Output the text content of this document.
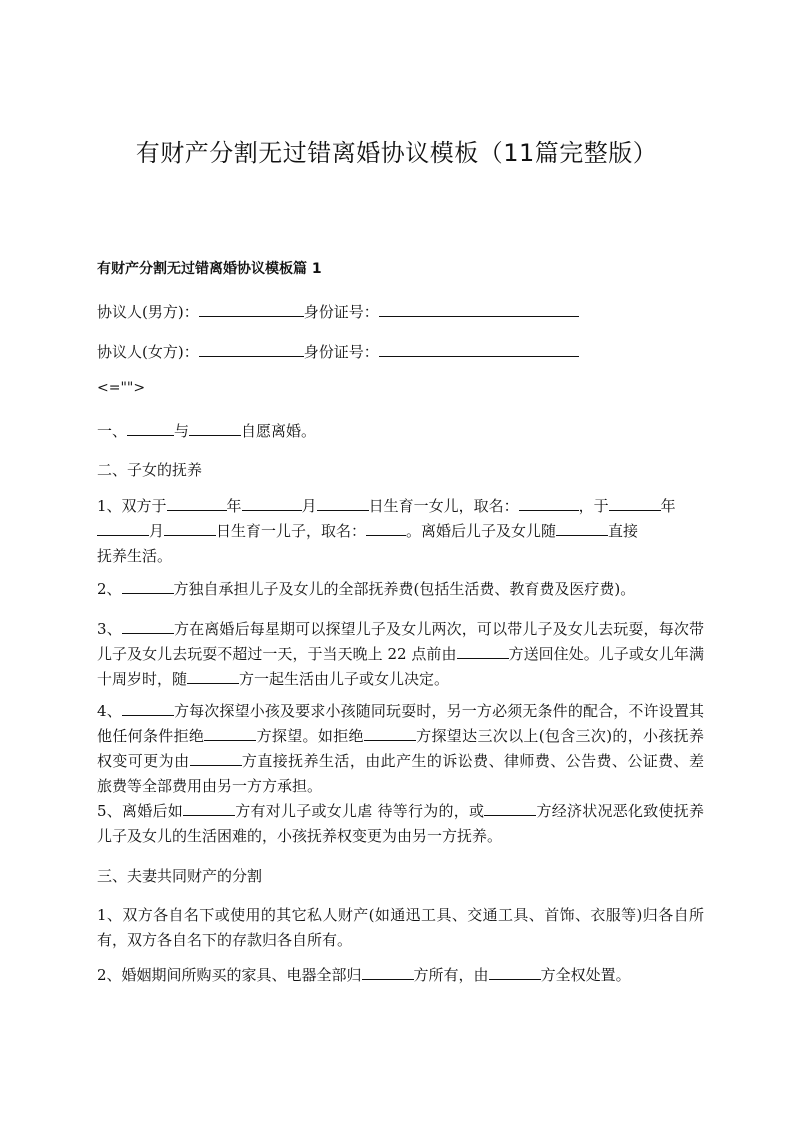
有财产分割无过错离婚协议模板（11篇完整版）
有财产分割无过错离婚协议模板篇 1

协议人(男方)：	身份证号：

协议人(女方)：	身份证号：

<="">

一、	与	自愿离婚。

二、子女的抚养

1、双方于	年	月	日生育一女儿，取名：	，于	年
月	日生育一儿子，取名：	。离婚后儿子及女儿随	直接
抚养生活。

2、	方独自承担儿子及女儿的全部抚养费(包括生活费、教育费及医疗费)。

3、	方在离婚后每星期可以探望儿子及女儿两次，可以带儿子及女儿去玩耍，每次带儿子及女儿去玩耍不超过一天，于当天晚上 22 点前由	方送回住处。儿子或女儿年满十周岁时，随	方一起生活由儿子或女儿决定。

4、	方每次探望小孩及要求小孩随同玩耍时，另一方必须无条件的配合，不许设置其他任何条件拒绝	方探望。如拒绝	方探望达三次以上(包含三次)的，小孩抚养权变可更为由	方直接抚养生活，由此产生的诉讼费、律师费、公告费、公证费、差旅费等全部费用由另一方方承担。

5、离婚后如	方有对儿子或女儿虐 待等行为的，或	方经济状况恶化致使抚养儿子及女儿的生活困难的，小孩抚养权变更为由另一方抚养。

三、夫妻共同财产的分割

1、双方各自名下或使用的其它私人财产(如通迅工具、交通工具、首饰、衣服等)归各自所有，双方各自名下的存款归各自所有。

2、婚姻期间所购买的家具、电器全部归	方所有，由	方全权处置。
